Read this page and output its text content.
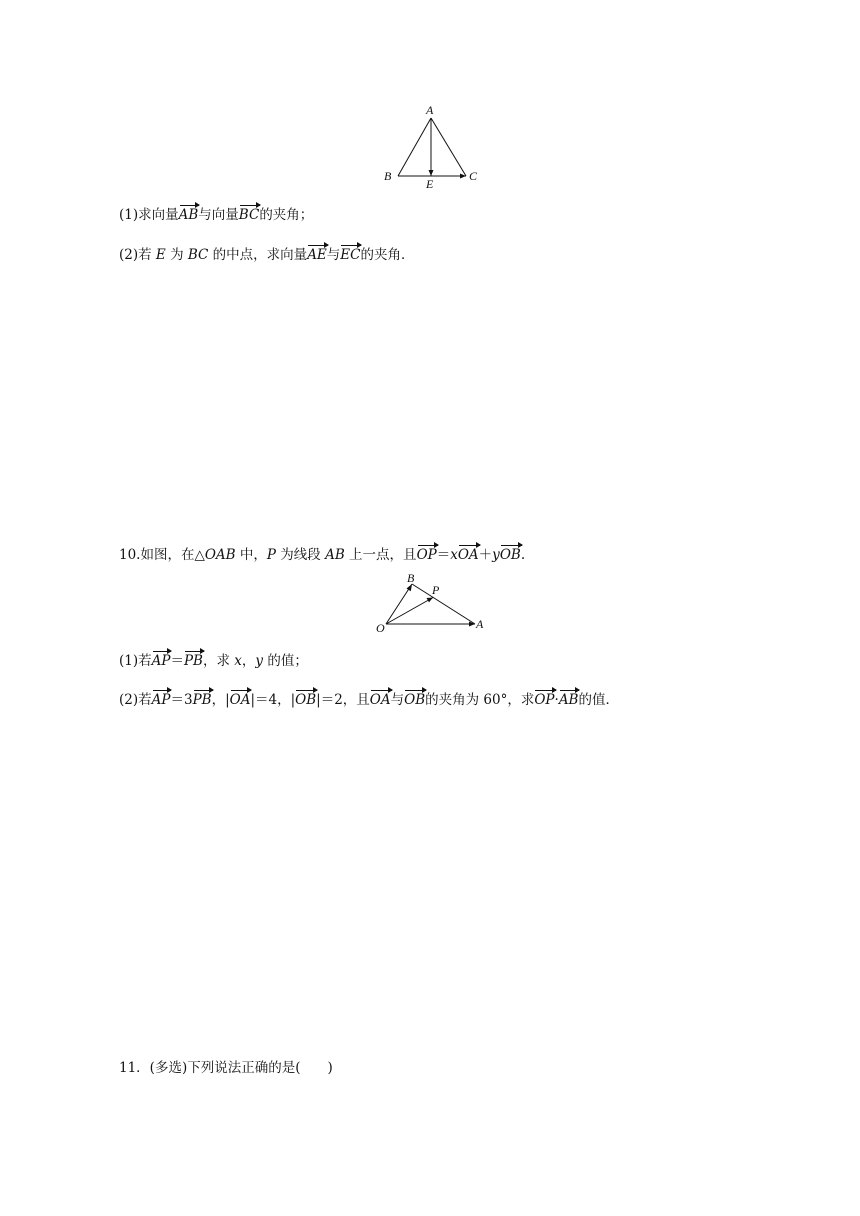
A
B	C
E
(1)求向量AB与向量BC的夹角；
(2)若 E 为 BC 的中点，求向量AE与EC的夹角．
10.如图，在△OAB 中，P 为线段 AB 上一点，且OP＝xOA＋yOB.
B
P
O	A
(1)若AP＝PB，求 x，y 的值；
(2)若AP＝3PB，|OA|＝4，|OB|＝2，且OA与OB的夹角为 60°，求OP·AB的值．
11．(多选)下列说法正确的是(　　)
